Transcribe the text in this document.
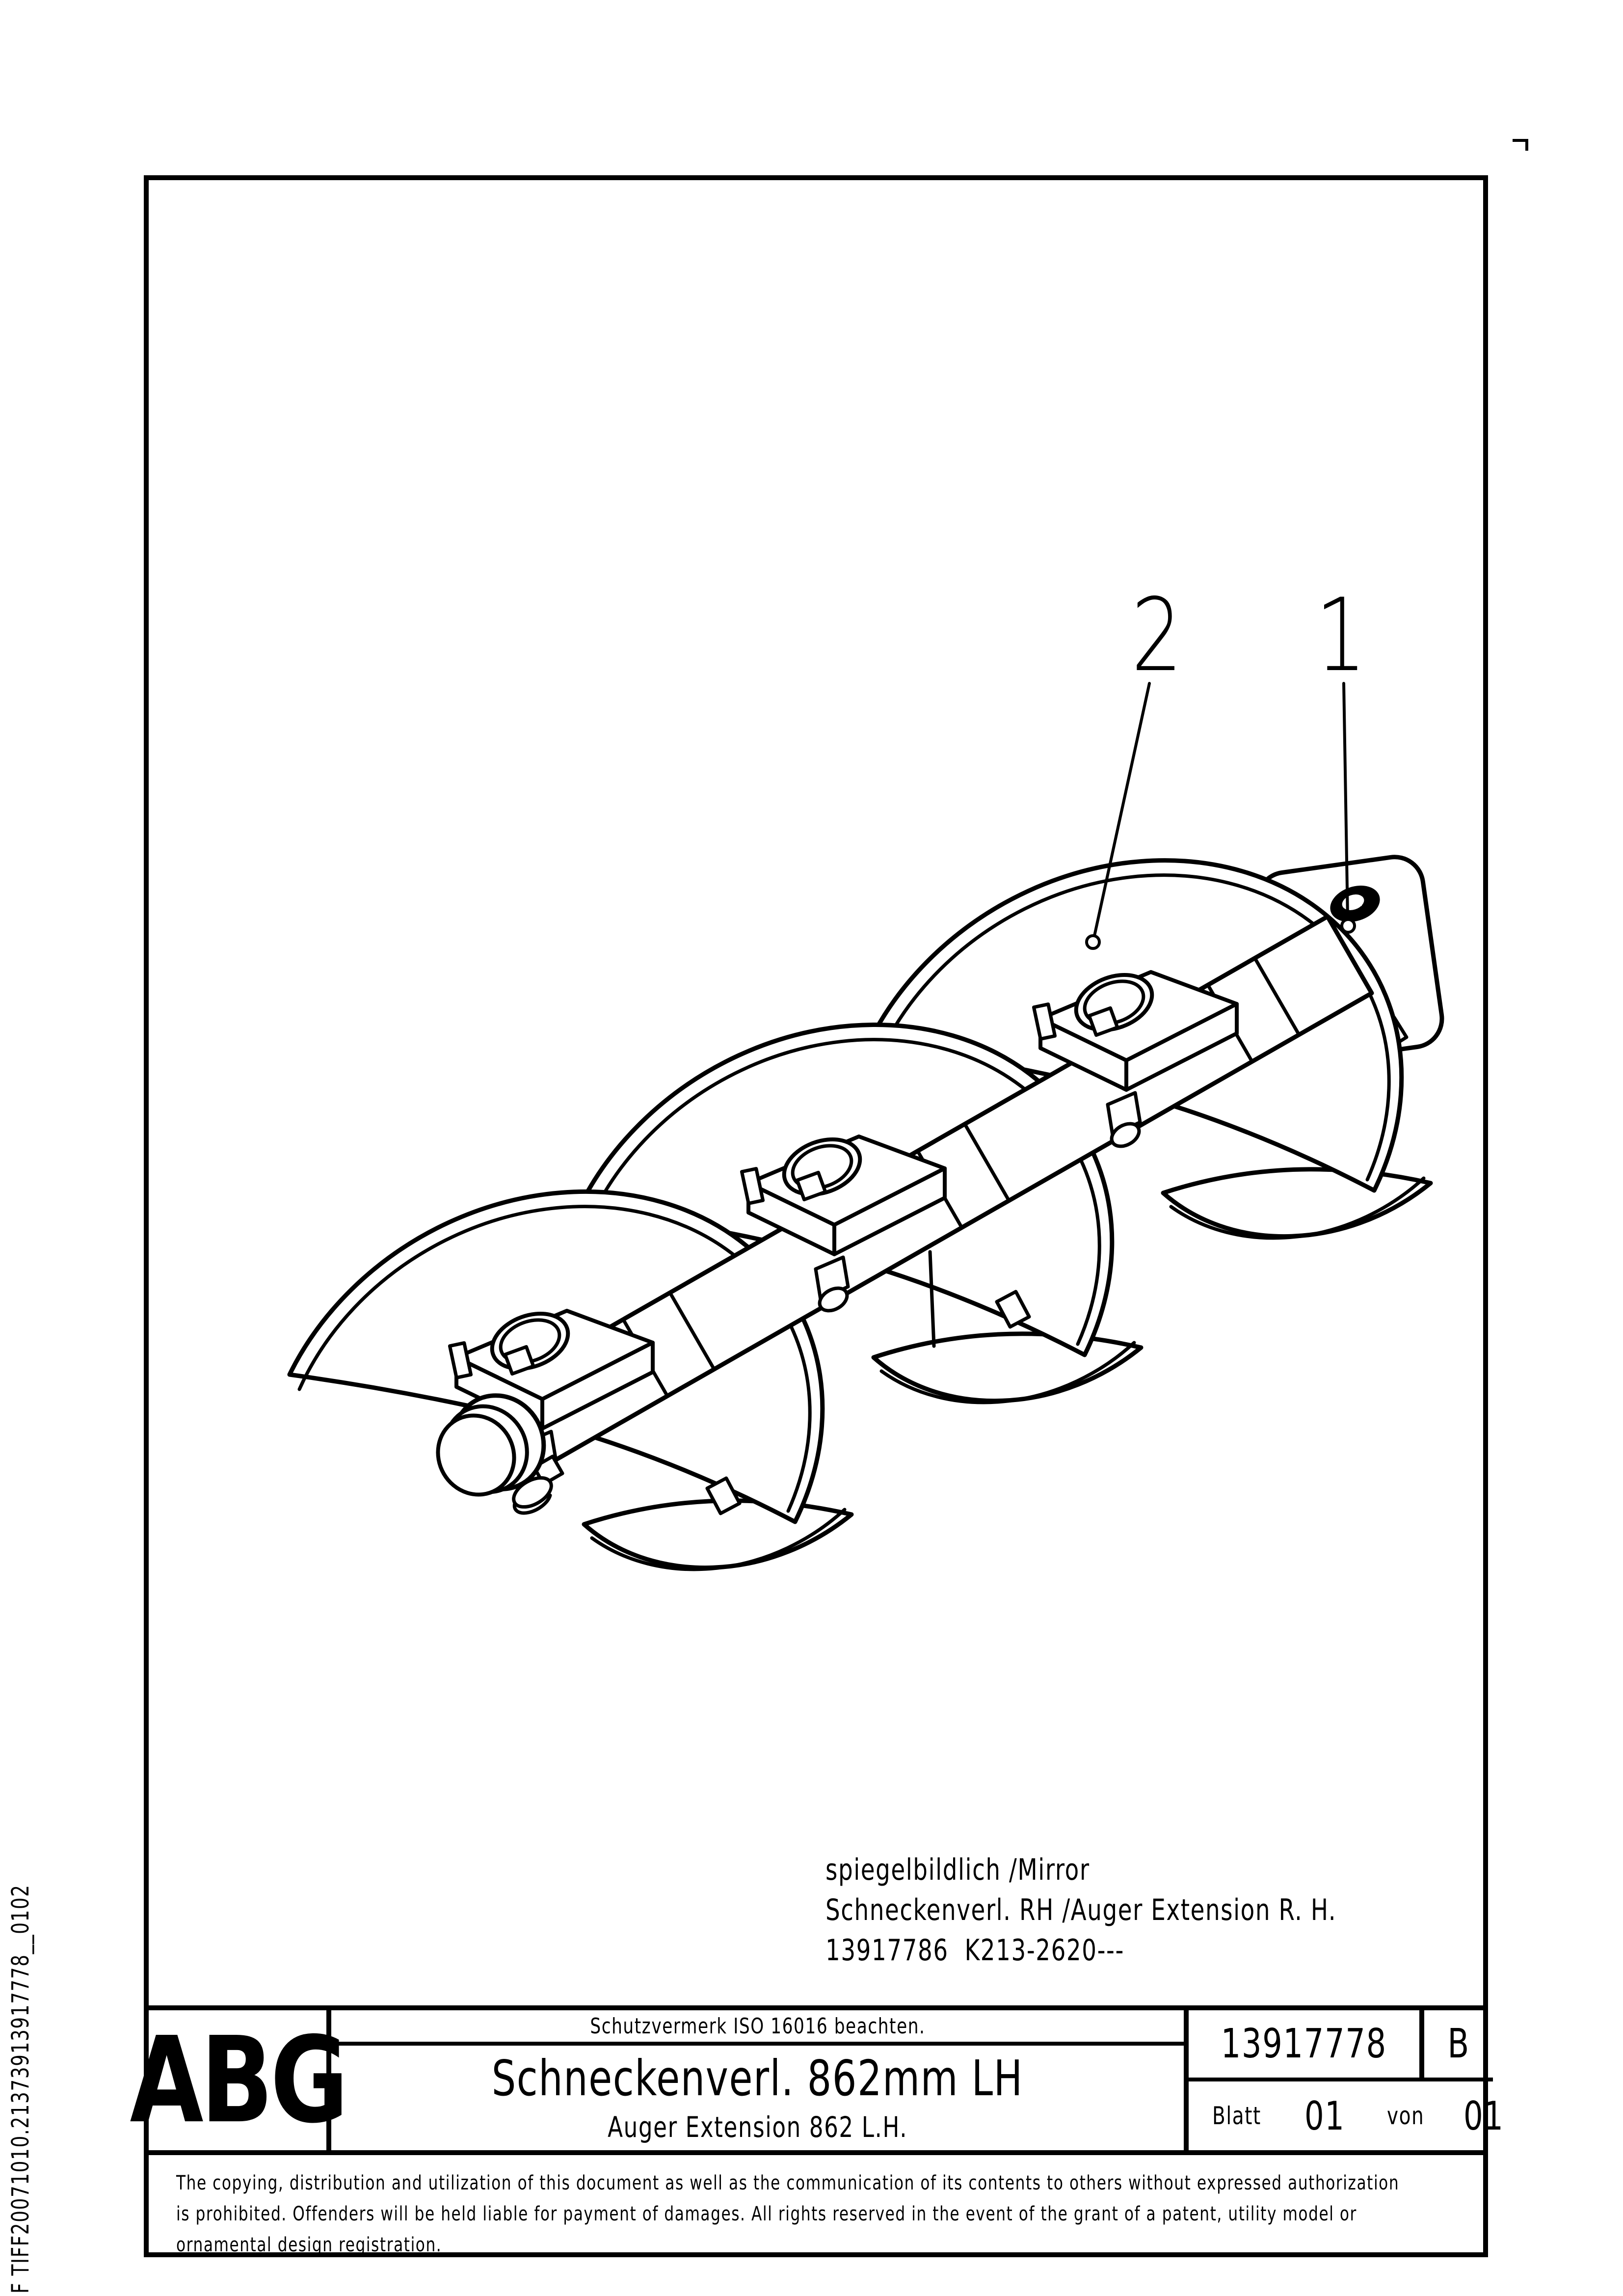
2 1
spiegelbildlich /Mirror
Schneckenverl. RH /Auger Extension R. H.
13917786  K213-2620---
ABG	Schutzvermerk ISO 16016 beachten.
Schneckenverl. 862mm LH
Auger Extension 862 L.H.
13917778 B
Blatt 01 von 01
The copying, distribution and utilization of this document as well as the communication of its contents to others without expressed authorization
is prohibited. Offenders will be held liable for payment of damages. All rights reserved in the event of the grant of a patent, utility model or
ornamental design registration.
F TIFF20071010.21373913917778__0102
